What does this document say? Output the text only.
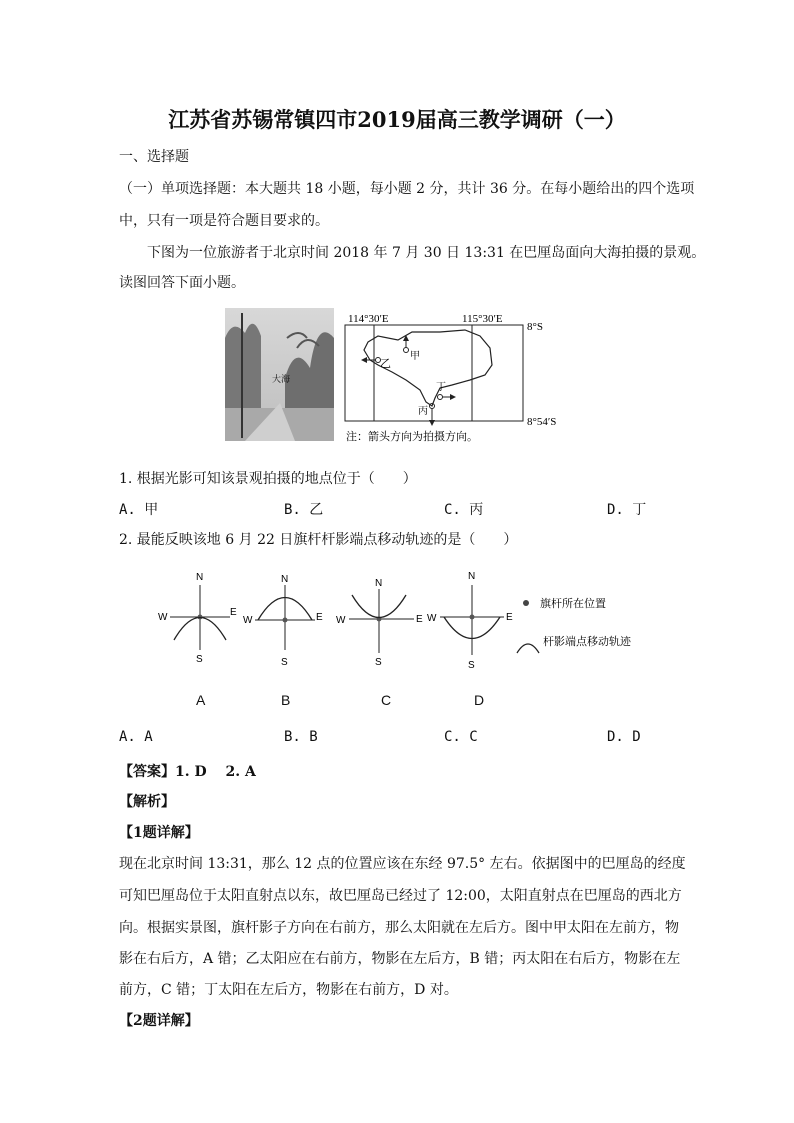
江苏省苏锡常镇四市2019届高三教学调研（一）
一、选择题
（一）单项选择题：本大题共 18 小题，每小题 2 分，共计 36 分。在每小题给出的四个选项
中，只有一项是符合题目要求的。
下图为一位旅游者于北京时间 2018 年 7 月 30 日 13:31 在巴厘岛面向大海拍摄的景观。
读图回答下面小题。
大海
114°30′E	115°30′E
8°S
8°54′S
甲
乙
丁
丙
注：箭头方向为拍摄方向。
1. 根据光影可知该景观拍摄的地点位于（　　）
A. 甲	B. 乙	C. 丙	D. 丁
2. 最能反映该地 6 月 22 日旗杆杆影端点移动轨迹的是（　　）
N
S
W	E
N
S
W	E
N
S
W	E
N
S
W	E
旗杆所在位置
杆影端点移动轨迹
A	B	C	D
A. A	B. B	C. C	D. D
【答案】1. D　 2. A
【解析】
【1题详解】
现在北京时间 13:31，那么 12 点的位置应该在东经 97.5° 左右。依据图中的巴厘岛的经度
可知巴厘岛位于太阳直射点以东，故巴厘岛已经过了 12:00，太阳直射点在巴厘岛的西北方
向。根据实景图，旗杆影子方向在右前方，那么太阳就在左后方。图中甲太阳在左前方，物
影在右后方，A 错；乙太阳应在右前方，物影在左后方，B 错；丙太阳在右后方，物影在左
前方，C 错；丁太阳在左后方，物影在右前方，D 对。
【2题详解】
